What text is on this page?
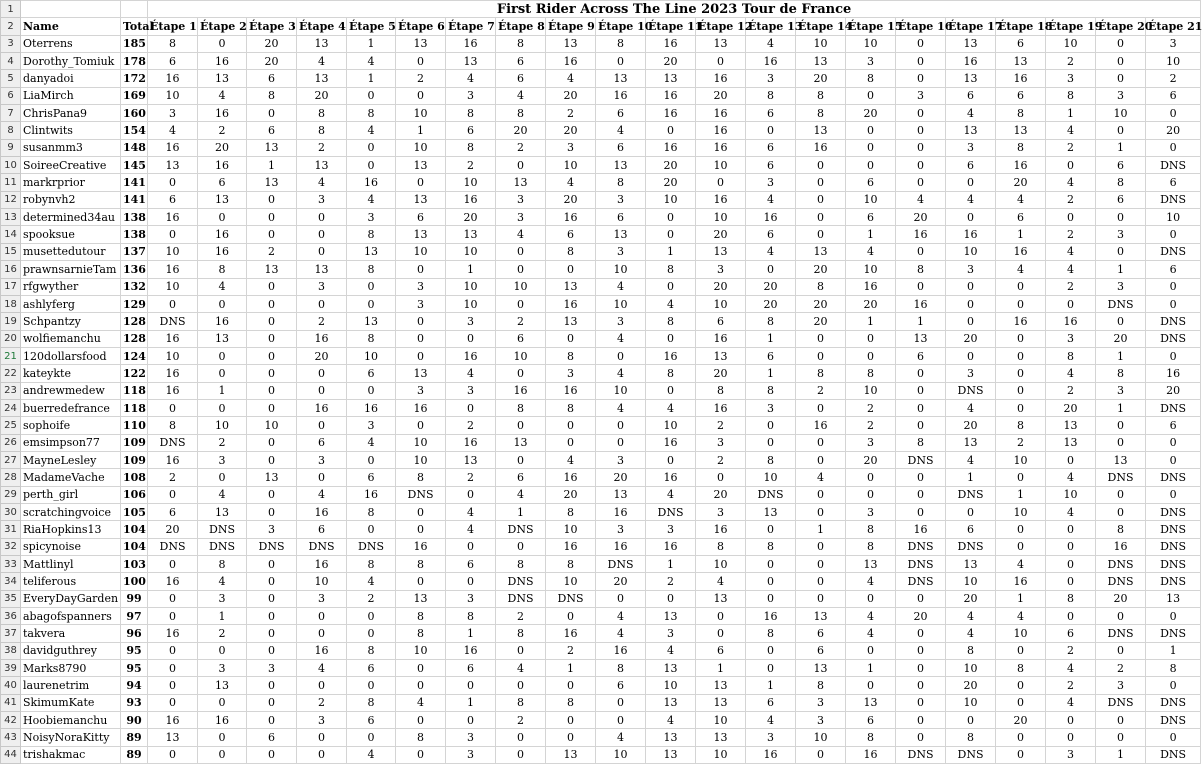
1			First Rider Across The Line 2023 Tour de France																				
2	Name	Total	Étape 1	Étape 2	Étape 3	Étape 4	Étape 5	Étape 6	Étape 7	Étape 8	Étape 9	Étape 10	Étape 11	Étape 12	Étape 13	Étape 14	Étape 15	Étape 16	Étape 17	Étape 18	Étape 19	Étape 20	Étape 21
3	Oterrens	185	8	0	20	13	1	13	16	8	13	8	16	13	4	10	10	0	13	6	10	0	3
4	Dorothy_Tomiuk	178	6	16	20	4	4	0	13	6	16	0	20	0	16	13	3	0	16	13	2	0	10
5	danyadoi	172	16	13	6	13	1	2	4	6	4	13	13	16	3	20	8	0	13	16	3	0	2
6	LiaMirch	169	10	4	8	20	0	0	3	4	20	16	16	20	8	8	0	3	6	6	8	3	6
7	ChrisPana9	160	3	16	0	8	8	10	8	8	2	6	16	16	6	8	20	0	4	8	1	10	0
8	Clintwits	154	4	2	6	8	4	1	6	20	20	4	0	16	0	13	0	0	13	13	4	0	20
9	susanmm3	148	16	20	13	2	0	10	8	2	3	6	16	16	6	16	0	0	3	8	2	1	0
10	SoireeCreative	145	13	16	1	13	0	13	2	0	10	13	20	10	6	0	0	0	6	16	0	6	DNS
11	markrprior	141	0	6	13	4	16	0	10	13	4	8	20	0	3	0	6	0	0	20	4	8	6
12	robynvh2	141	6	13	0	3	4	13	16	3	20	3	10	16	4	0	10	4	4	4	2	6	DNS
13	determined34au	138	16	0	0	0	3	6	20	3	16	6	0	10	16	0	6	20	0	6	0	0	10
14	spooksue	138	0	16	0	0	8	13	13	4	6	13	0	20	6	0	1	16	16	1	2	3	0
15	musettedutour	137	10	16	2	0	13	10	10	0	8	3	1	13	4	13	4	0	10	16	4	0	DNS
16	prawnsarnieTam	136	16	8	13	13	8	0	1	0	0	10	8	3	0	20	10	8	3	4	4	1	6
17	rfgwyther	132	10	4	0	3	0	3	10	10	13	4	0	20	20	8	16	0	0	0	2	3	0
18	ashlyferg	129	0	0	0	0	0	3	10	0	16	10	4	10	20	20	20	16	0	0	0	DNS	0
19	Schpantzy	128	DNS	16	0	2	13	0	3	2	13	3	8	6	8	20	1	1	0	16	16	0	DNS
20	wolfiemanchu	128	16	13	0	16	8	0	0	6	0	4	0	16	1	0	0	13	20	0	3	20	DNS
21	120dollarsfood	124	10	0	0	20	10	0	16	10	8	0	16	13	6	0	0	6	0	0	8	1	0
22	kateykte	122	16	0	0	0	6	13	4	0	3	4	8	20	1	8	8	0	3	0	4	8	16
23	andrewmedew	118	16	1	0	0	0	3	3	16	16	10	0	8	8	2	10	0	DNS	0	2	3	20
24	buerredefrance	118	0	0	0	16	16	16	0	8	8	4	4	16	3	0	2	0	4	0	20	1	DNS
25	sophoife	110	8	10	10	0	3	0	2	0	0	0	10	2	0	16	2	0	20	8	13	0	6
26	emsimpson77	109	DNS	2	0	6	4	10	16	13	0	0	16	3	0	0	3	8	13	2	13	0	0
27	MayneLesley	109	16	3	0	3	0	10	13	0	4	3	0	2	8	0	20	DNS	4	10	0	13	0
28	MadameVache	108	2	0	13	0	6	8	2	6	16	20	16	0	10	4	0	0	1	0	4	DNS	DNS
29	perth_girl	106	0	4	0	4	16	DNS	0	4	20	13	4	20	DNS	0	0	0	DNS	1	10	0	0
30	scratchingvoice	105	6	13	0	16	8	0	4	1	8	16	DNS	3	13	0	3	0	0	10	4	0	DNS
31	RiaHopkins13	104	20	DNS	3	6	0	0	4	DNS	10	3	3	16	0	1	8	16	6	0	0	8	DNS
32	spicynoise	104	DNS	DNS	DNS	DNS	DNS	16	0	0	16	16	16	8	8	0	8	DNS	DNS	0	0	16	DNS
33	Mattlinyl	103	0	8	0	16	8	8	6	8	8	DNS	1	10	0	0	13	DNS	13	4	0	DNS	DNS
34	teliferous	100	16	4	0	10	4	0	0	DNS	10	20	2	4	0	0	4	DNS	10	16	0	DNS	DNS
35	EveryDayGarden	99	0	3	0	3	2	13	3	DNS	DNS	0	0	13	0	0	0	0	20	1	8	20	13
36	abagofspanners	97	0	1	0	0	0	8	8	2	0	4	13	0	16	13	4	20	4	4	0	0	0
37	takvera	96	16	2	0	0	0	8	1	8	16	4	3	0	8	6	4	0	4	10	6	DNS	DNS
38	davidguthrey	95	0	0	0	16	8	10	16	0	2	16	4	6	0	6	0	0	8	0	2	0	1
39	Marks8790	95	0	3	3	4	6	0	6	4	1	8	13	1	0	13	1	0	10	8	4	2	8
40	laurenetrim	94	0	13	0	0	0	0	0	0	0	6	10	13	1	8	0	0	20	0	2	3	0
41	SkimumKate	93	0	0	0	2	8	4	1	8	8	0	13	13	6	3	13	0	10	0	4	DNS	DNS
42	Hoobiemanchu	90	16	16	0	3	6	0	0	2	0	0	4	10	4	3	6	0	0	20	0	0	DNS
43	NoisyNoraKitty	89	13	0	6	0	0	8	3	0	0	4	13	13	3	10	8	0	8	0	0	0	0
44	trishakmac	89	0	0	0	0	4	0	3	0	13	10	13	10	16	0	16	DNS	DNS	0	3	1	DNS
